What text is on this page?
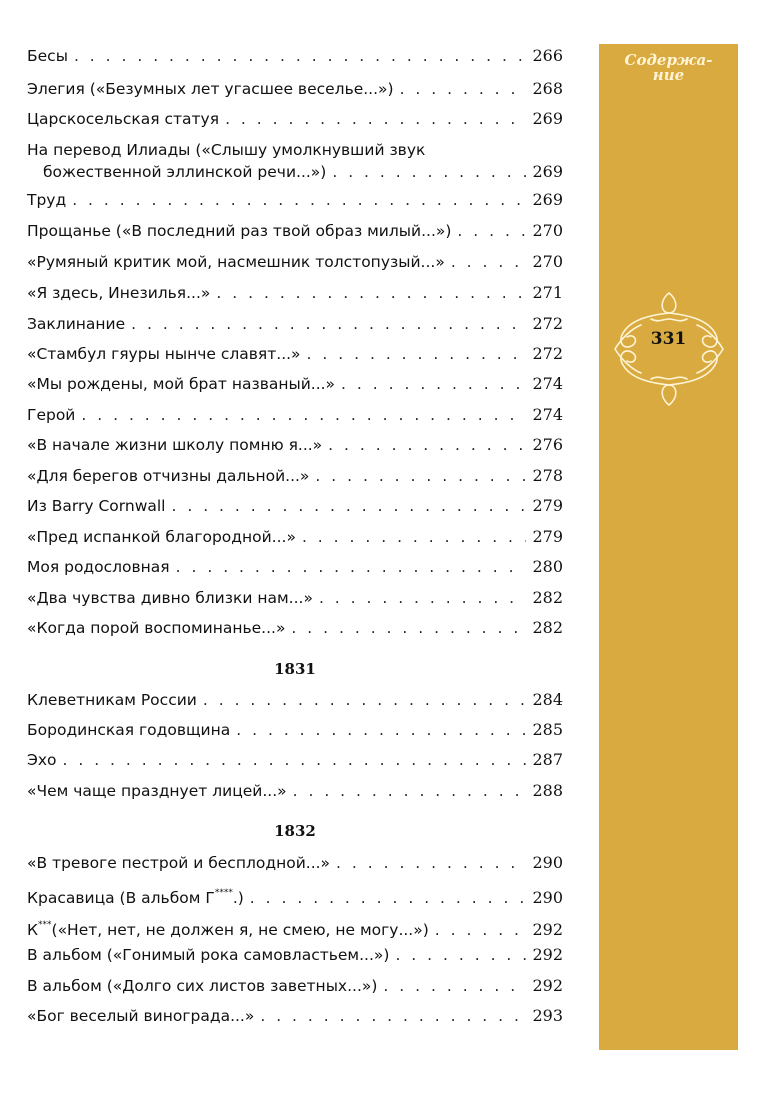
Бесы . . .	266
Элегия («Безумных лет угасшее веселье...») . . .	268
Царскосельская статуя . . .	269
На перевод Илиады («Слышу умолкнувший звук
божественной эллинской речи...») . . .	269
Труд . . .	269
Прощанье («В последний раз твой образ милый...») . . .	270
«Румяный критик мой, насмешник толстопузый...» . . .	270
«Я здесь, Инезилья...» . . .	271
Заклинание . . .	272
«Стамбул гяуры нынче славят...» . . .	272
«Мы рождены, мой брат названый...» . . .	274
Герой . . .	274
«В начале жизни школу помню я...» . . .	276
«Для берегов отчизны дальной...» . . .	278
Из Barry Cornwall . . .	279
«Пред испанкой благородной...» . . .	279
Моя родословная . . .	280
«Два чувства дивно близки нам...» . . .	282
«Когда порой воспоминанье...» . . .	282
1831
Клеветникам России . . .	284
Бородинская годовщина . . .	285
Эхо . . .	287
«Чем чаще празднует лицей...» . . .	288
1832
«В тревоге пестрой и бесплодной...» . . .	290
Красавица (В альбом Г****.) . . .	290
К***(«Нет, нет, не должен я, не смею, не могу...») . . .	292
В альбом («Гонимый рока самовластьем...») . . .	292
В альбом («Долго сих листов заветных...») . . .	292
«Бог веселый винограда...» . . .	293
Содержа-
ние
331
